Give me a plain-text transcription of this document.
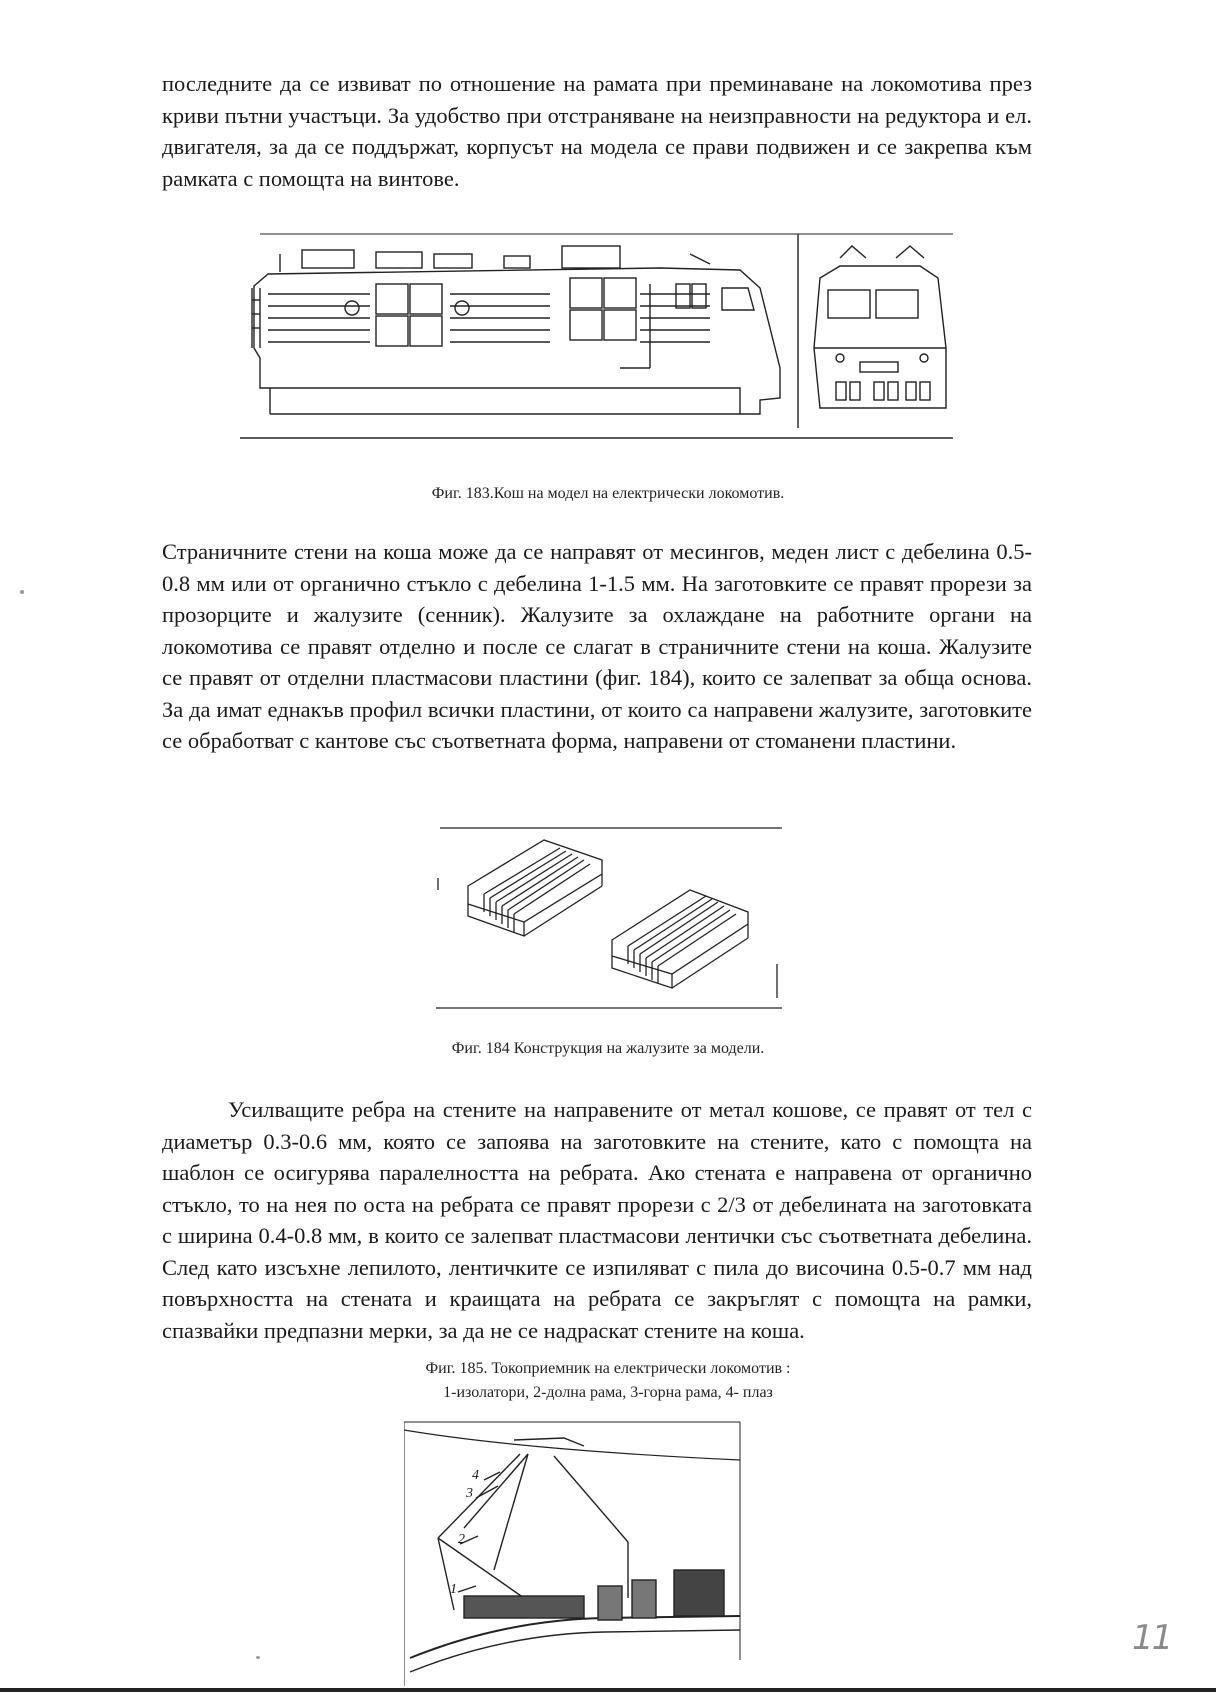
последните да се извиват по отношение на рамата при преминаване на локомотива през криви пътни участъци. За удобство при отстраняване на неизправности на редуктора и ел. двигателя, за да се поддържат, корпусът на модела се прави подвижен и се закрепва към рамката с помощта на винтове.

Фиг. 183.Кош на модел на електрически локомотив.

Страничните стени на коша може да се направят от месингов, меден лист с дебелина 0.5-0.8 мм или от органично стъкло с дебелина 1-1.5 мм. На заготовките се правят прорези за прозорците и жалузите (сенник). Жалузите за охлаждане на работните органи на локомотива се правят отделно и после се слагат в страничните стени на коша. Жалузите се правят от отделни пластмасови пластини (фиг. 184), които се залепват за обща основа. За да имат еднакъв профил всички пластини, от които са направени жалузите, заготовките се обработват с кантове със съответната форма, направени от стоманени пластини.

Фиг. 184 Конструкция на жалузите за модели.

Усилващите ребра на стените на направените от метал кошове, се правят от тел с диаметър 0.3-0.6 мм, която се запоява на заготовките на стените, като с помощта на шаблон се осигурява паралелността на ребрата. Ако стената е направена от органично стъкло, то на нея по оста на ребрата се правят прорези с 2/3 от дебелината на заготовката с ширина 0.4-0.8 мм, в които се залепват пластмасови лентички със съответната дебелина. След като изсъхне лепилото, лентичките се изпиляват с пила до височина 0.5-0.7 мм над повърхността на стената и краищата на ребрата се закръглят с помощта на рамки, спазвайки предпазни мерки, за да не се надраскат стените на коша.

Фиг. 185. Токоприемник на електрически локомотив :
1-изолатори, 2-долна рама, 3-горна рама, 4- плаз
4
3
2
1
11
